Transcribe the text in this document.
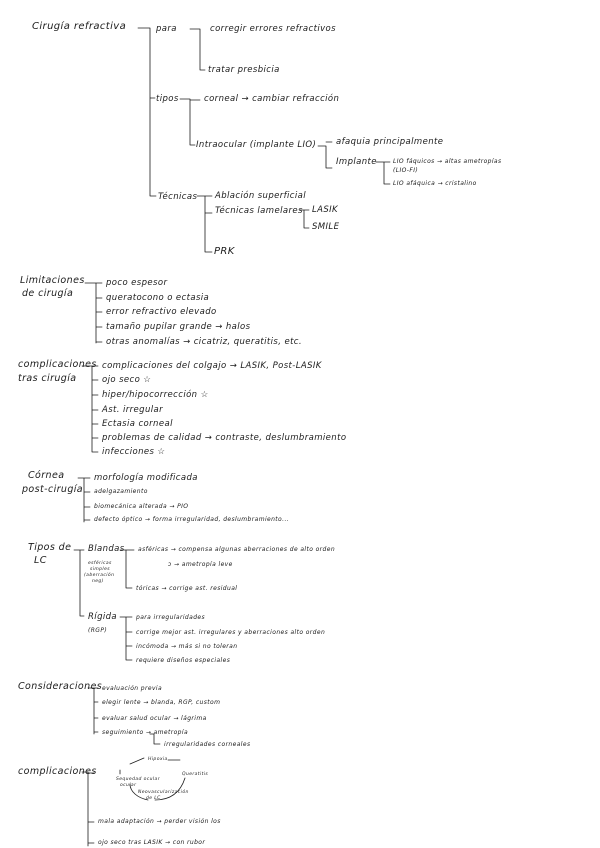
Cirugía refractiva	para	corregir errores refractivos
tratar presbicia
tipos	corneal → cambiar refracción
Intraocular (implante LIO) afaquia principalmente
Implante	LIO fáquicos → altas ametropías
(LIO-FI)
LIO afáquica → cristalino
Técnicas Ablación superficial
Técnicas lamelares LASIK
SMILE
PRK
Limitaciones
de cirugía
poco espesor
queratocono o ectasia
error refractivo elevado
tamaño pupilar grande → halos
otras anomalías → cicatriz, queratitis, etc.
complicaciones
tras cirugía
complicaciones del colgajo → LASIK, Post-LASIK
ojo seco ☆
hiper/hipocorrección ☆
Ast. irregular
Ectasia corneal
problemas de calidad → contraste, deslumbramiento
infecciones ☆
Córnea
post-cirugía
morfología modificada
adelgazamiento
biomecánica alterada → PIO
defecto óptico → forma irregularidad, deslumbramiento...
Tipos de
LC
Blandas
esféricas
simples
(aberración
neg)
asféricas → compensa algunas aberraciones de alto orden
ↄ → ametropía leve
tóricas → corrige ast. residual
Rígida
(RGP)
para irregularidades
corrige mejor ast. irregulares y aberraciones alto orden
incómoda → más si no toleran
requiere diseños especiales
Consideraciones evaluación previa
elegir lente → blanda, RGP, custom
evaluar salud ocular → lágrima
seguimiento → ametropía
irregularidades corneales
complicaciones
Hipoxia
Queratitis
Sequedad ocular
ocular
Neovascularización
de LC
mala adaptación → perder visión los
ojo seco tras LASIK → con rubor
